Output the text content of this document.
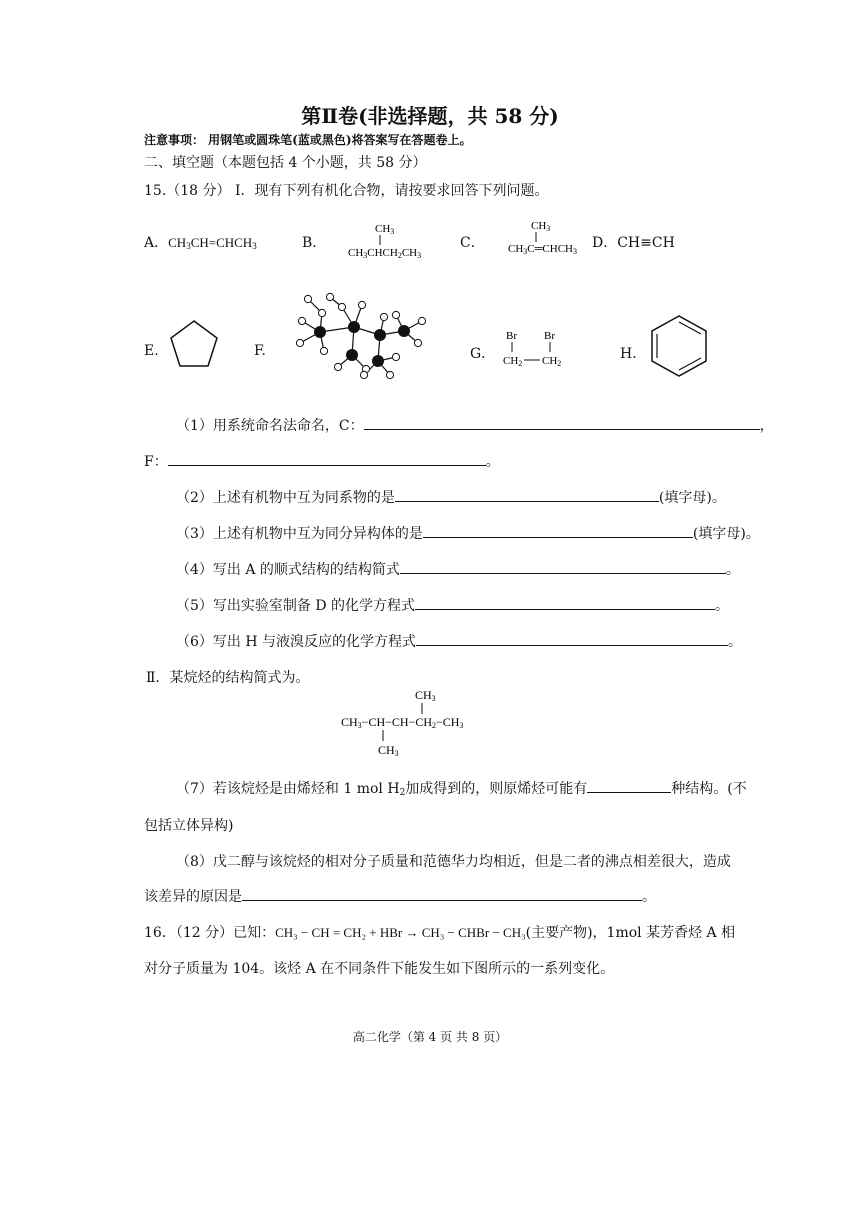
第Ⅱ卷(非选择题，共 58 分)
注意事项： 用钢笔或圆珠笔(蓝或黑色)将答案写在答题卷上。
二、填空题（本题包括 4 个小题，共 58 分）
15.（18 分） I．现有下列有机化合物，请按要求回答下列问题。
A．$CH_3CH=CHCH_3$	B．
CH3
CH3CHCH2CH3
C．
CH3
CH3C═CHCH3
D．CH≡CH
E.	F.	G．
Br Br
CH2 CH2
H．
（1）用系统命名法命名，C：	，
F：	。
（2）上述有机物中互为同系物的是	(填字母)。
（3）上述有机物中互为同分异构体的是	(填字母)。
（4）写出 A 的顺式结构的结构简式	。
（5）写出实验室制备 D 的化学方程式	。
（6）写出 H 与液溴反应的化学方程式	。
Ⅱ．某烷烃的结构简式为。
CH3
CH3−CH−CH−CH2−CH3
CH3
（7）若该烷烃是由烯烃和 1 mol $H_2$加成得到的，则原烯烃可能有	种结构。(不
包括立体异构)
（8）戊二醇与该烷烃的相对分子质量和范德华力均相近，但是二者的沸点相差很大，造成
该差异的原因是	。
16．（12 分）已知：CH₃ − CH = CH₂ + HBr → CH₃ − CHBr − CH₃(主要产物)，1mol 某芳香烃 A 相
对分子质量为 104。该烃 A 在不同条件下能发生如下图所示的一系列变化。
高二化学（第 4 页 共 8 页）
